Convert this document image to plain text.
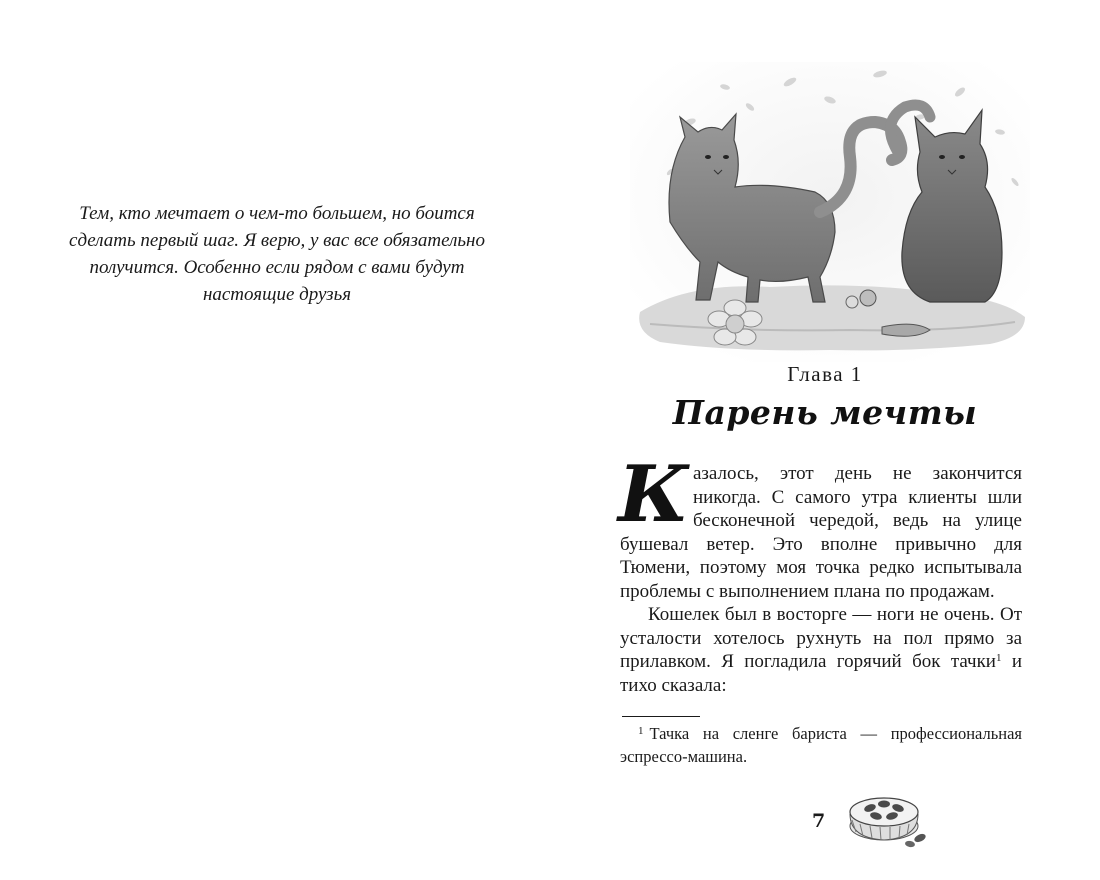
Тем, кто мечтает о чем-то большем, но боится сделать первый шаг. Я верю, у вас все обязательно получится. Особенно если рядом с вами будут настоящие друзья

Глава 1

Парень мечты

Казалось, этот день не закончится никогда. С самого утра клиенты шли бесконечной чередой, ведь на улице бушевал ветер. Это вполне привычно для Тюмени, поэтому моя точка редко испытывала проблемы с выполнением плана по продажам.

Кошелек был в восторге — ноги не очень. От усталости хотелось рухнуть на пол прямо за прилавком. Я погладила горячий бок тачки$^1$ и тихо сказала:

$^1$ Тачка на сленге бариста — профессиональная эспрессо-машина.

7
